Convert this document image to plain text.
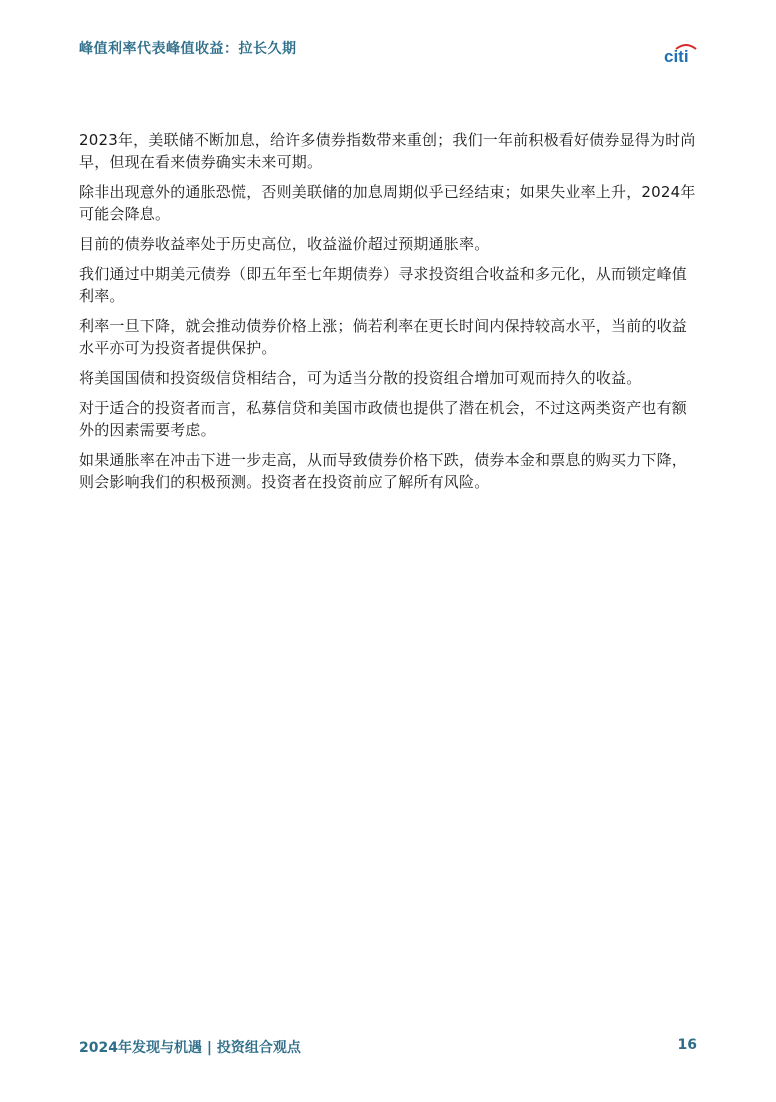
峰值利率代表峰值收益：拉长久期	citi

2023年，美联储不断加息，给许多债券指数带来重创；我们一年前积极看好债券显得为时尚早，但现在看来债券确实未来可期。

除非出现意外的通胀恐慌，否则美联储的加息周期似乎已经结束；如果失业率上升，2024年可能会降息。

目前的债券收益率处于历史高位，收益溢价超过预期通胀率。

我们通过中期美元债券（即五年至七年期债券）寻求投资组合收益和多元化，从而锁定峰值利率。

利率一旦下降，就会推动债券价格上涨；倘若利率在更长时间内保持较高水平，当前的收益水平亦可为投资者提供保护。

将美国国债和投资级信贷相结合，可为适当分散的投资组合增加可观而持久的收益。

对于适合的投资者而言，私募信贷和美国市政债也提供了潜在机会，不过这两类资产也有额外的因素需要考虑。

如果通胀率在冲击下进一步走高，从而导致债券价格下跌，债券本金和票息的购买力下降，则会影响我们的积极预测。投资者在投资前应了解所有风险。

2024年发现与机遇 | 投资组合观点	16
